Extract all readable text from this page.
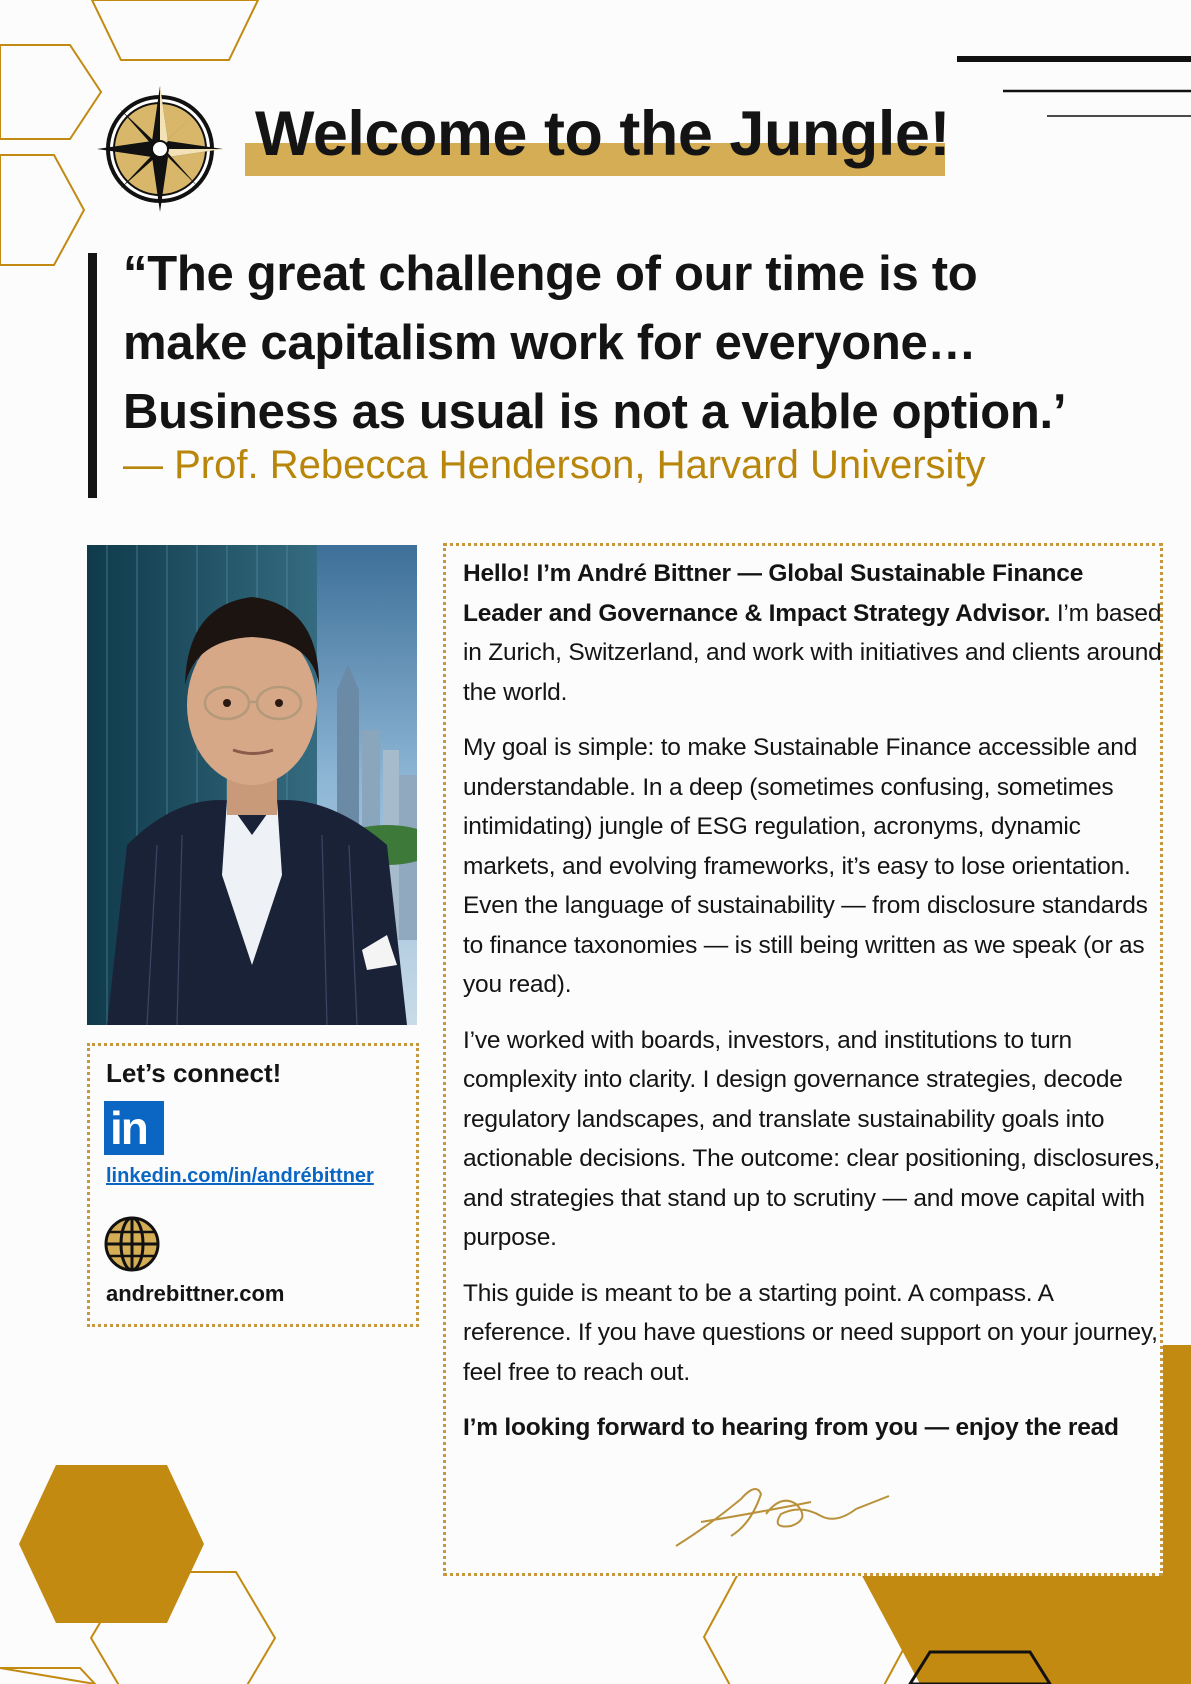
Welcome to the Jungle!
“The great challenge of our time is to
make capitalism work for everyone…
Business as usual is not a viable option.’
— Prof. Rebecca Henderson, Harvard University
Let’s connect!
in
linkedin.com/in/andrébittner
andrebittner.com

Hello! I’m André Bittner — Global Sustainable Finance Leader and Governance & Impact Strategy Advisor. I’m based in Zurich, Switzerland, and work with initiatives and clients around the world.

My goal is simple: to make Sustainable Finance accessible and understandable. In a deep (sometimes confusing, sometimes intimidating) jungle of ESG regulation, acronyms, dynamic markets, and evolving frameworks, it’s easy to lose orientation. Even the language of sustainability — from disclosure standards to finance taxonomies — is still being written as we speak (or as you read).

I’ve worked with boards, investors, and institutions to turn complexity into clarity. I design governance strategies, decode regulatory landscapes, and translate sustainability goals into actionable decisions. The outcome: clear positioning, disclosures, and strategies that stand up to scrutiny — and move capital with purpose.

This guide is meant to be a starting point. A compass. A reference. If you have questions or need support on your journey, feel free to reach out.

I’m looking forward to hearing from you — enjoy the read
